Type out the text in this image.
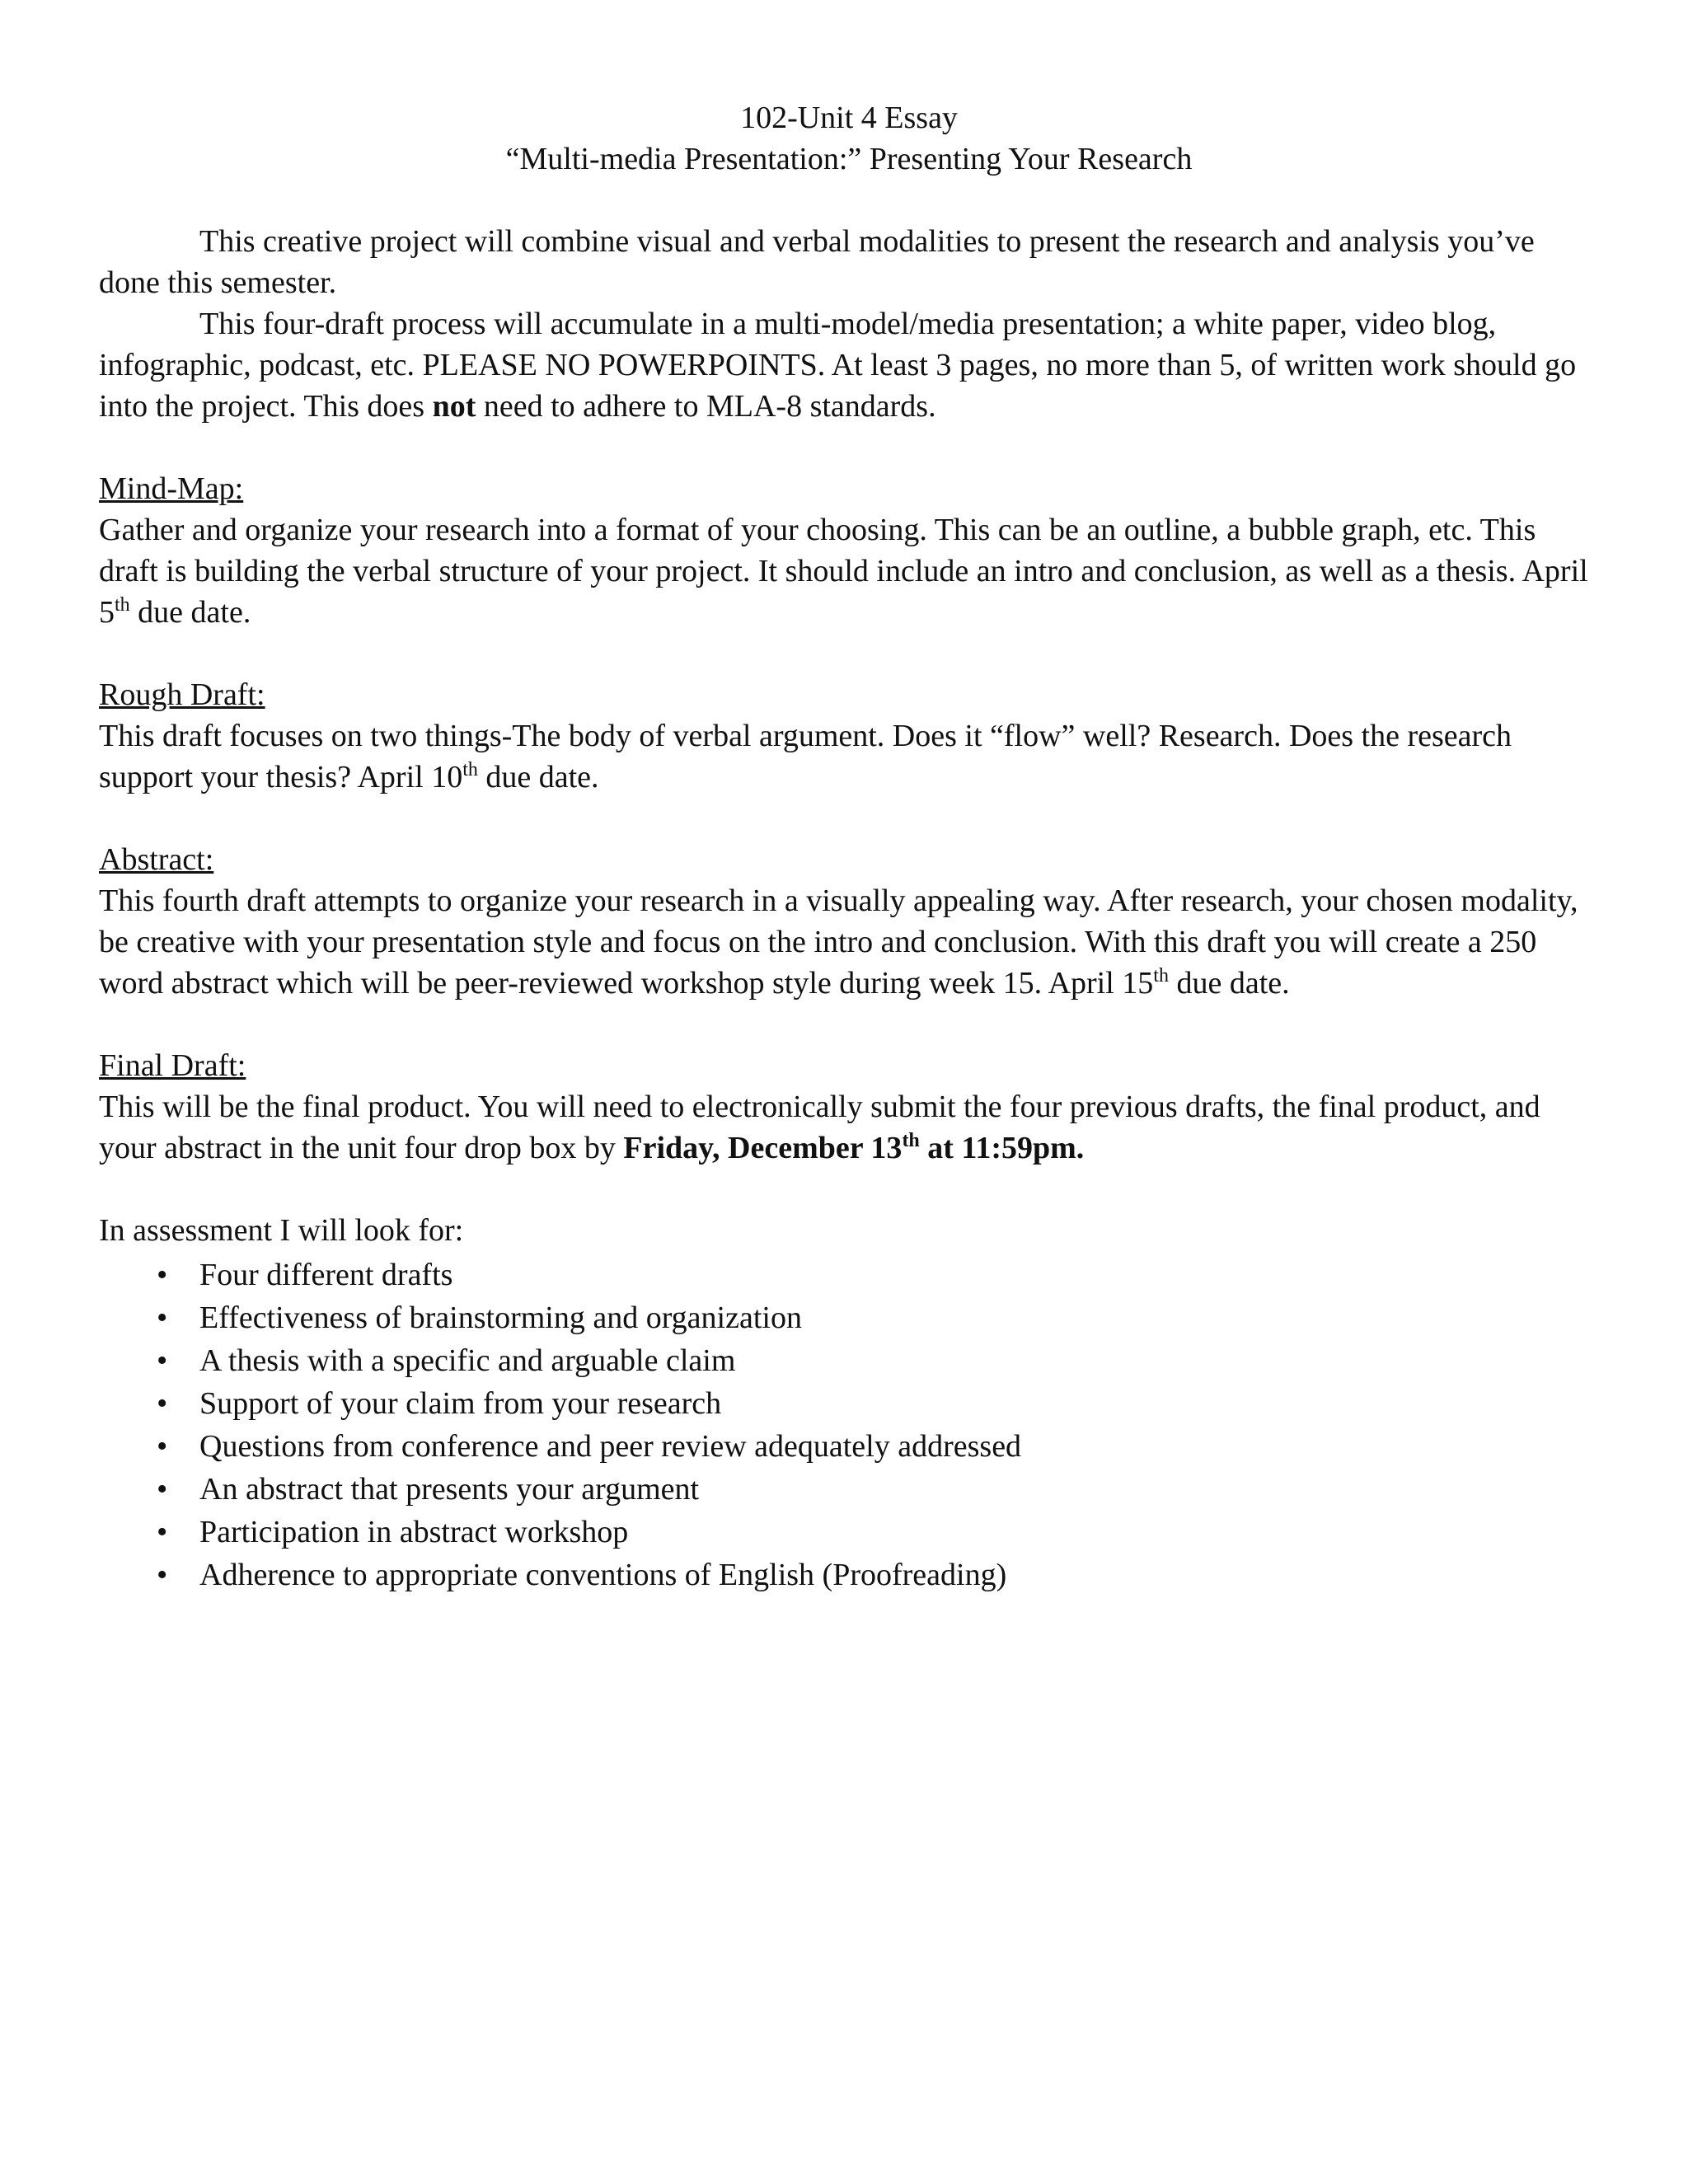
102-Unit 4 Essay
“Multi-media Presentation:” Presenting Your Research

This creative project will combine visual and verbal modalities to present the research and analysis you’ve done this semester.

This four-draft process will accumulate in a multi-model/media presentation; a white paper, video blog, infographic, podcast, etc. PLEASE NO POWERPOINTS. At least 3 pages, no more than 5, of written work should go into the project. This does not need to adhere to MLA-8 standards.

Mind-Map:

Gather and organize your research into a format of your choosing. This can be an outline, a bubble graph, etc. This draft is building the verbal structure of your project. It should include an intro and conclusion, as well as a thesis. April 5th due date.

Rough Draft:

This draft focuses on two things-The body of verbal argument. Does it “flow” well? Research. Does the research support your thesis? April 10th due date.

Abstract:

This fourth draft attempts to organize your research in a visually appealing way. After research, your chosen modality, be creative with your presentation style and focus on the intro and conclusion. With this draft you will create a 250 word abstract which will be peer-reviewed workshop style during week 15. April 15th due date.

Final Draft:

This will be the final product. You will need to electronically submit the four previous drafts, the final product, and your abstract in the unit four drop box by Friday, December 13th at 11:59pm.

In assessment I will look for:

• Four different drafts
• Effectiveness of brainstorming and organization
• A thesis with a specific and arguable claim
• Support of your claim from your research
• Questions from conference and peer review adequately addressed
• An abstract that presents your argument
• Participation in abstract workshop
• Adherence to appropriate conventions of English (Proofreading)
